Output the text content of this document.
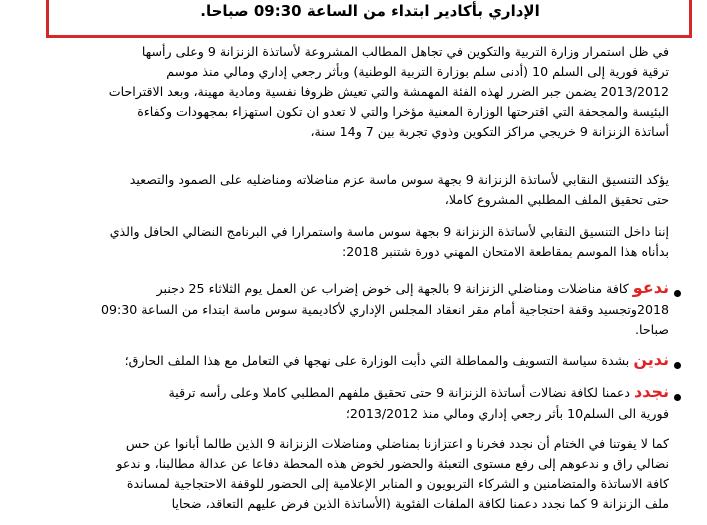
الإداري بأكادير ابتداء من الساعة 09:30 صباحا.
في ظل استمرار وزارة التربية والتكوين في تجاهل المطالب المشروعة لأساتذة الزنزانة 9 وعلى رأسها
ترقية فورية إلى السلم 10 (أدنى سلم بوزارة التربية الوطنية) وبأثر رجعي إداري ومالي منذ موسم
2013/2012 يضمن جبر الضرر لهذه الفئة المهمشة والتي تعيش ظروفا نفسية ومادية مهينة، وبعد الاقتراحات
البئيسة والمجحفة التي اقترحتها الوزارة المعنية مؤخرا والتي لا تعدو ان تكون استهزاء بمجهودات وكفاءة
أساتذة الزنزانة 9 خريجي مراكز التكوين وذوي تجربة بين 7 و14 سنة،
يؤكد التنسيق النقابي لأساتذة الزنزانة 9 بجهة سوس ماسة عزم مناضلاته ومناضليه على الصمود والتصعيد
حتى تحقيق الملف المطلبي المشروع كاملا،
إننا داخل التنسيق النقابي لأساتذة الزنزانة 9 بجهة سوس ماسة واستمرارا في البرنامج النضالي الحافل والذي
بدأناه هذا الموسم بمقاطعة الامتحان المهني دورة شتنبر 2018:
ندعو كافة مناضلات ومناضلي الزنزانة 9 بالجهة إلى خوض إضراب عن العمل يوم الثلاثاء 25 دجنبر
2018وتجسيد وقفة احتجاجية أمام مقر انعقاد المجلس الإداري لأكاديمية سوس ماسة ابتداء من الساعة 09:30
صباحا.
ندين بشدة سياسة التسويف والمماطلة التي دأبت الوزارة على نهجها في التعامل مع هذا الملف الحارق؛
نجدد دعمنا لكافة نضالات أساتذة الزنزانة 9 حتى تحقيق ملفهم المطلبي كاملا وعلى رأسه ترقية
فورية الى السلم10 بأثر رجعي إداري ومالي منذ 2013/2012؛
كما لا يفوتنا في الختام أن نجدد فخرنا و اعتزازنا بمناضلي ومناضلات الزنزانة 9 الذين طالما أبانوا عن حس
نضالي راق و ندعوهم إلى رفع مستوى التعبئة والحضور لخوض هذه المحطة دفاعا عن عدالة مطالبنا، و ندعو
كافة الاساتذة والمتضامنين و الشركاء التربويون و المنابر الإعلامية إلى الحضور للوقفة الاحتجاجية لمساندة
ملف الزنزانة 9 كما نجدد دعمنا لكافة الملفات الفئوية (الأساتذة الذين فرض عليهم التعاقد، ضحايا
